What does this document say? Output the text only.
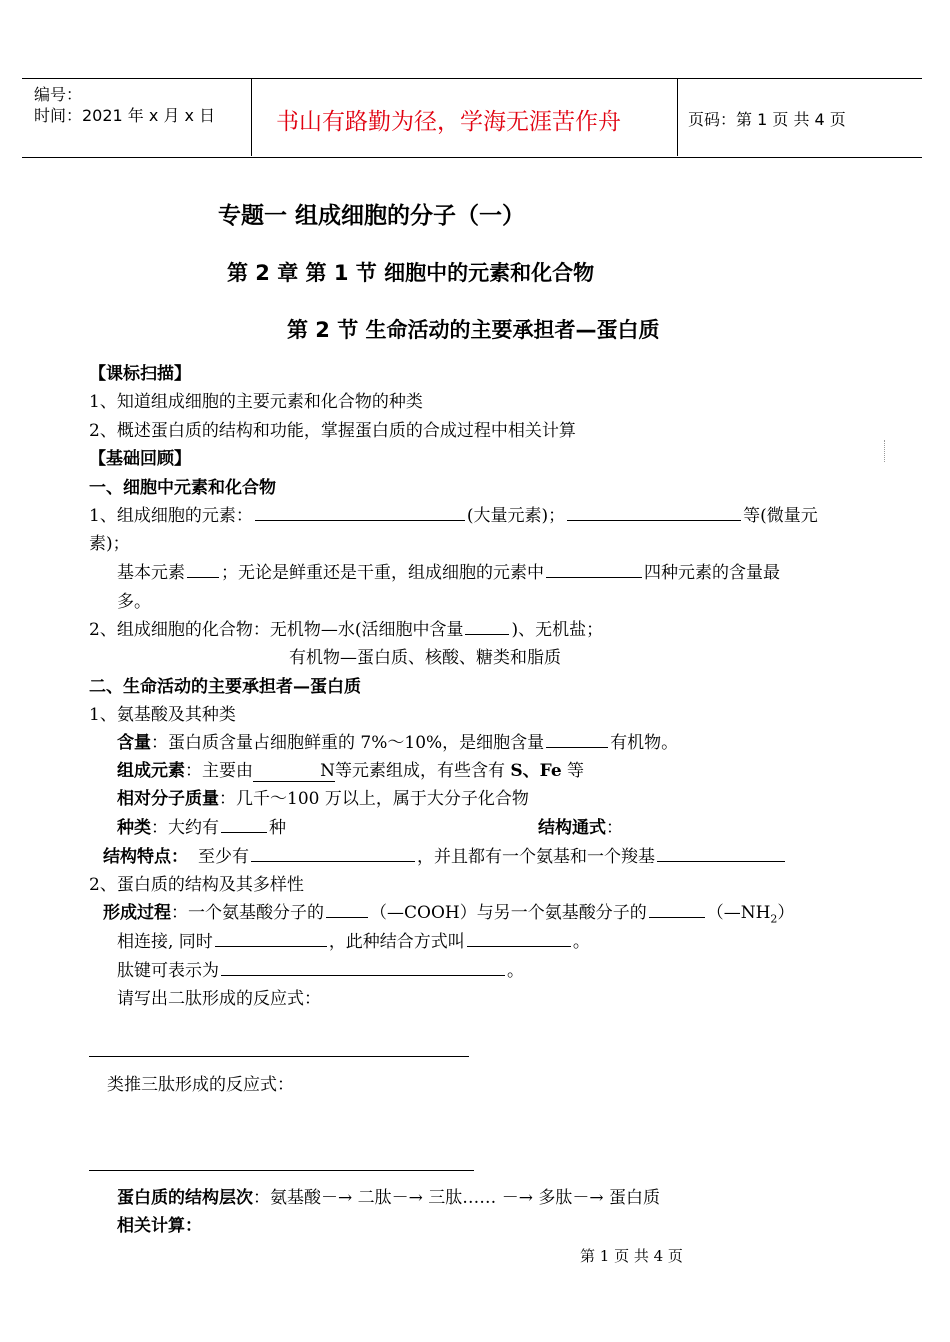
编号：
时间：2021 年 x 月 x 日	书山有路勤为径，学海无涯苦作舟	页码：第 1 页 共 4 页
专题一 组成细胞的分子（一）
第 2 章 第 1 节 细胞中的元素和化合物
第 2 节 生命活动的主要承担者—蛋白质
【课标扫描】
1、知道组成细胞的主要元素和化合物的种类
2、概述蛋白质的结构和功能，掌握蛋白质的合成过程中相关计算
【基础回顾】
一、细胞中元素和化合物
1、组成细胞的元素：	(大量元素)；	等(微量元
素)；
基本元素 ；无论是鲜重还是干重，组成细胞的元素中	四种元素的含量最
多。
2、组成细胞的化合物：无机物—水(活细胞中含量	)、无机盐；
有机物—蛋白质、核酸、糖类和脂质
二、生命活动的主要承担者—蛋白质
1、氨基酸及其种类
含量：蛋白质含量占细胞鲜重的 7%～10%，是细胞含量	有机物。
组成元素：主要由	N等元素组成，有些含有 S、Fe 等
相对分子质量：几千～100 万以上，属于大分子化合物
种类：大约有	种	结构通式：
结构特点： 至少有	，并且都有一个氨基和一个羧基
2、蛋白质的结构及其多样性
形成过程：一个氨基酸分子的	（—COOH）与另一个氨基酸分子的	$(—NH_2)$
相连接, 同时	，此种结合方式叫	。
肽键可表示为	。
请写出二肽形成的反应式：
类推三肽形成的反应式：
蛋白质的结构层次：氨基酸－→ 二肽－→ 三肽…… －→ 多肽－→ 蛋白质
相关计算：
第 1 页 共 4 页
